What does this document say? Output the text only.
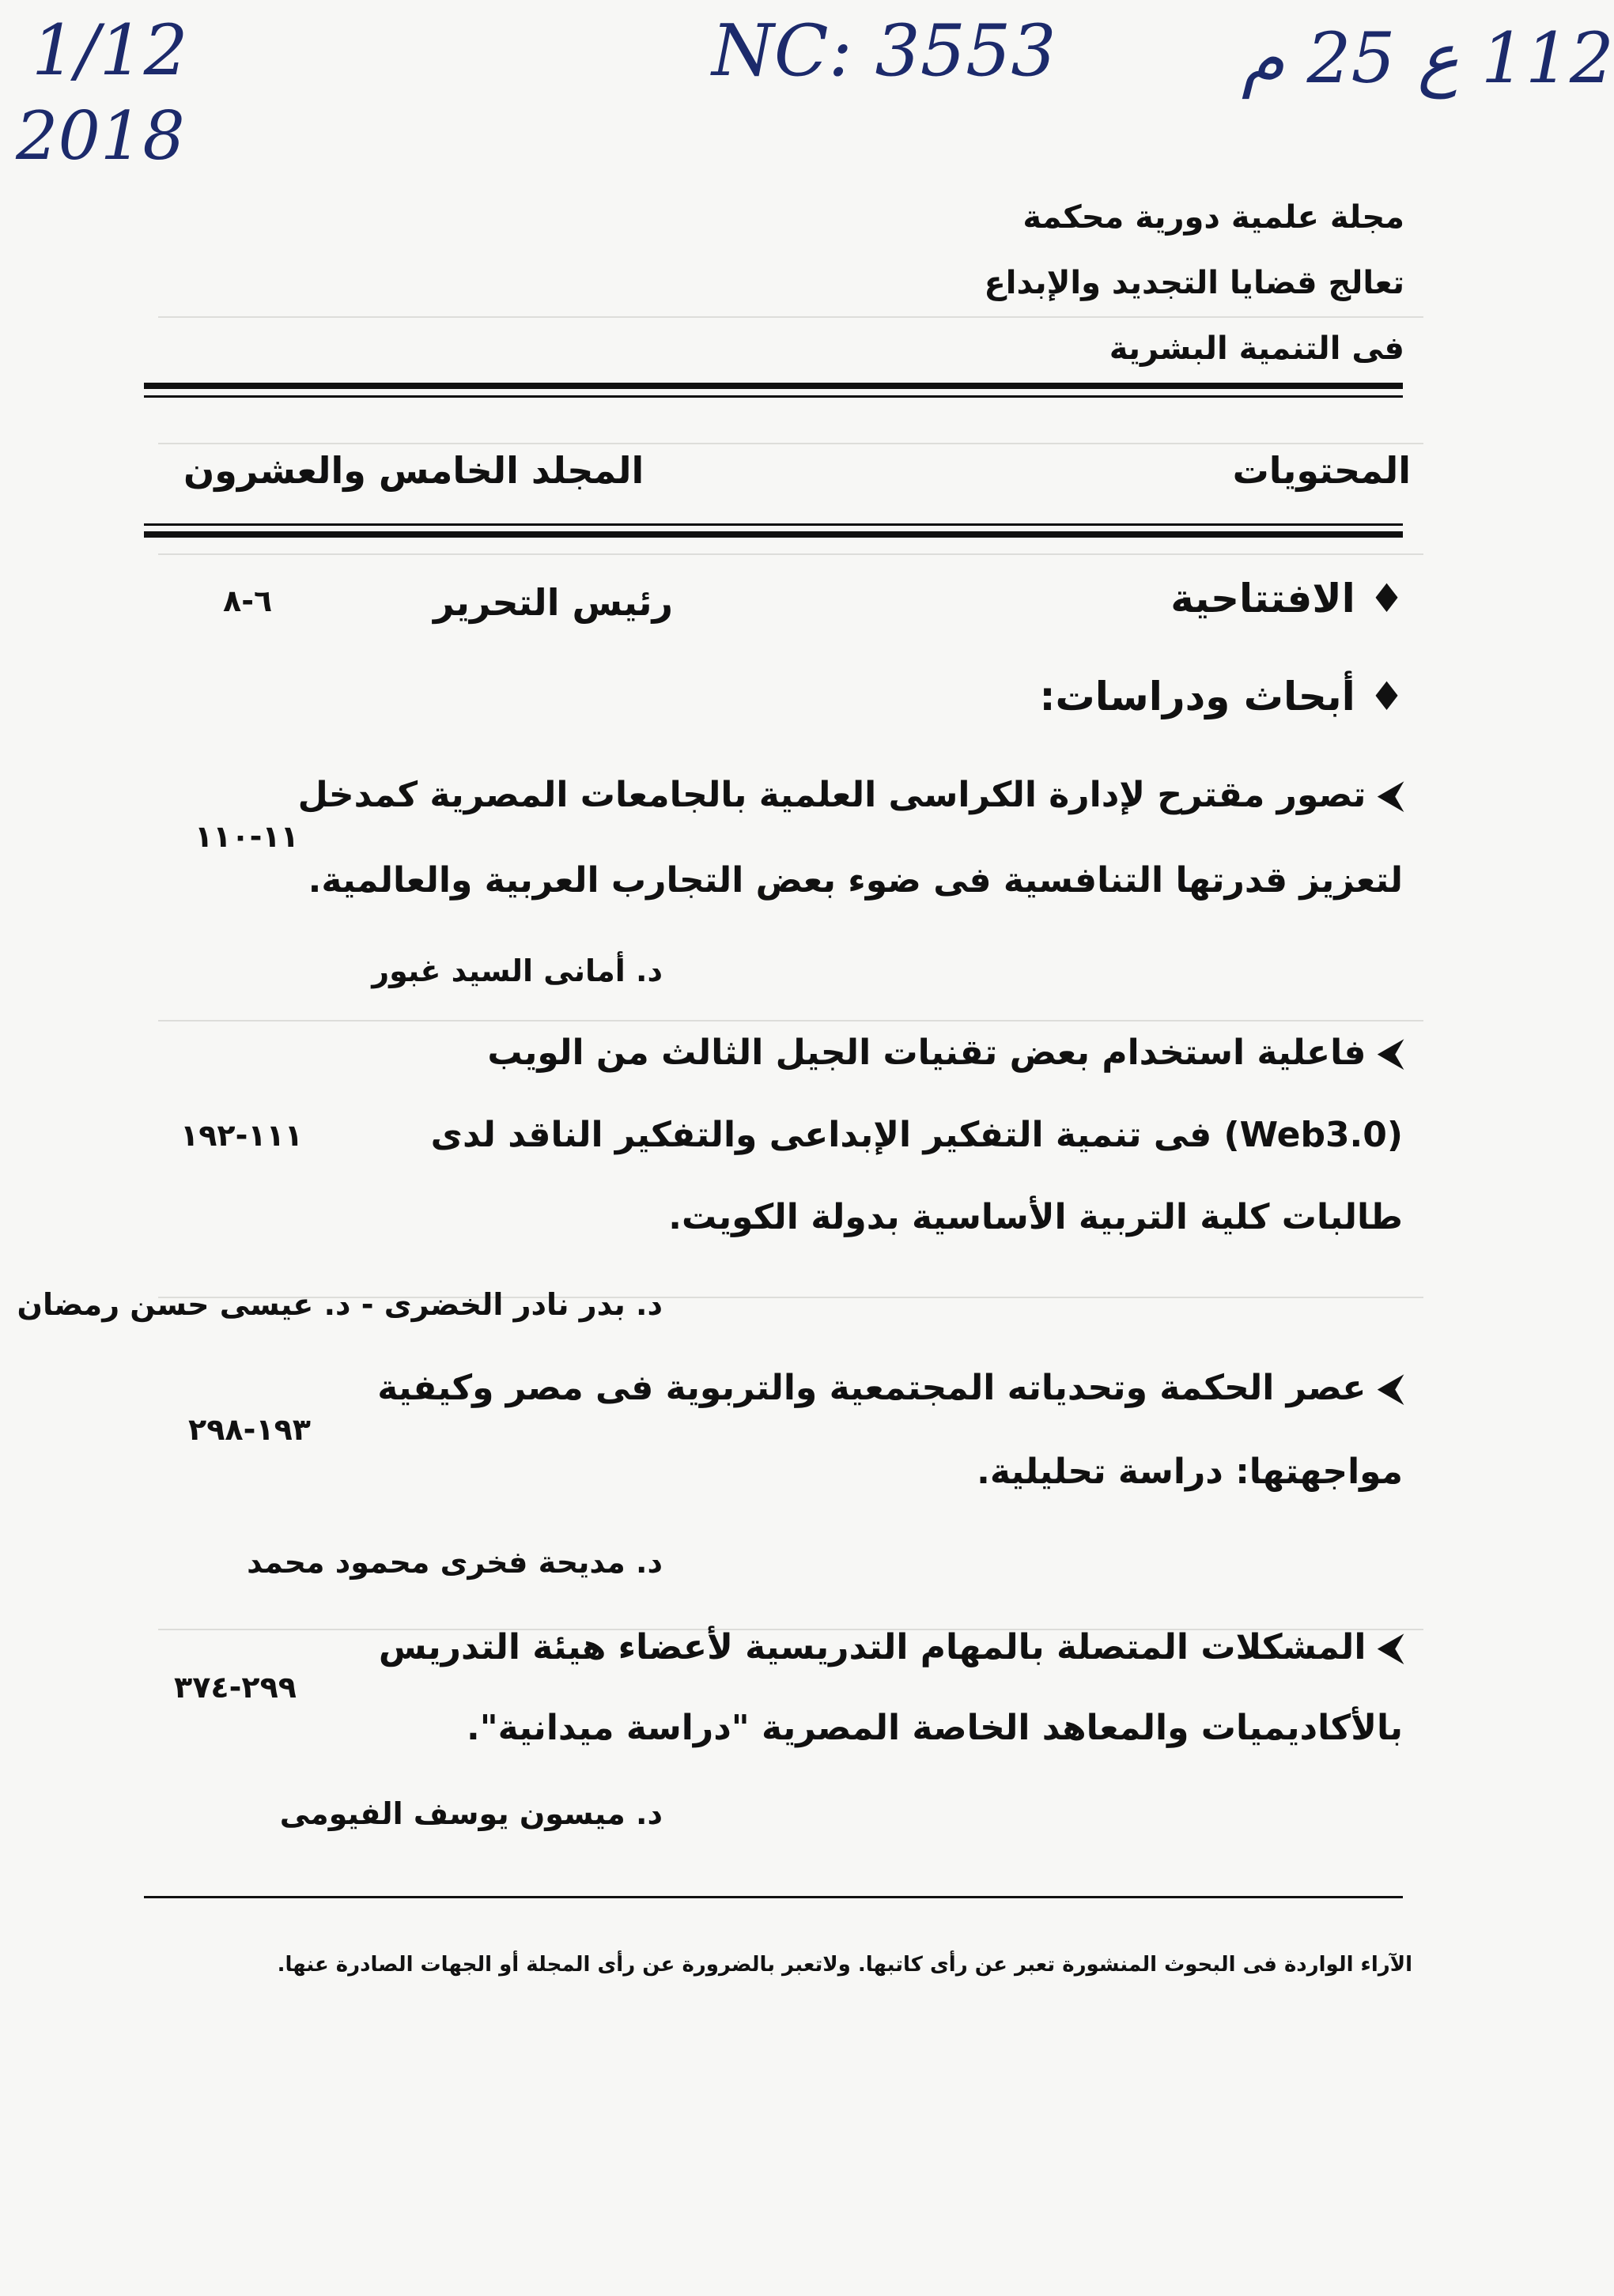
1/12
2018
NC: 3553	112 ع 25 م
مجلة علمية دورية محكمة
تعالج قضايا التجديد والإبداع
فى التنمية البشرية
المحتويات
المجلد الخامس والعشرون
♦ الافتتاحية
رئيس التحرير
٦-٨
♦ أبحاث ودراسات:
⮜ تصور مقترح لإدارة الكراسى العلمية بالجامعات المصرية كمدخل
لتعزيز قدرتها التنافسية فى ضوء بعض التجارب العربية والعالمية.
١١-١١٠
د. أمانى السيد غبور
⮜ فاعلية استخدام بعض تقنيات الجيل الثالث من الويب
(Web3.0) فى تنمية التفكير الإبداعى والتفكير الناقد لدى
طالبات كلية التربية الأساسية بدولة الكويت.
١١١-١٩٢
د. بدر نادر الخضرى - د. عيسى حسن رمضان
⮜ عصر الحكمة وتحدياته المجتمعية والتربوية فى مصر وكيفية
مواجهتها: دراسة تحليلية.
١٩٣-٢٩٨
د. مديحة فخرى محمود محمد
⮜ المشكلات المتصلة بالمهام التدريسية لأعضاء هيئة التدريس
بالأكاديميات والمعاهد الخاصة المصرية "دراسة ميدانية".
٢٩٩-٣٧٤
د. ميسون يوسف الفيومى
الآراء الواردة فى البحوث المنشورة تعبر عن رأى كاتبها. ولاتعبر بالضرورة عن رأى المجلة أو الجهات الصادرة عنها.
